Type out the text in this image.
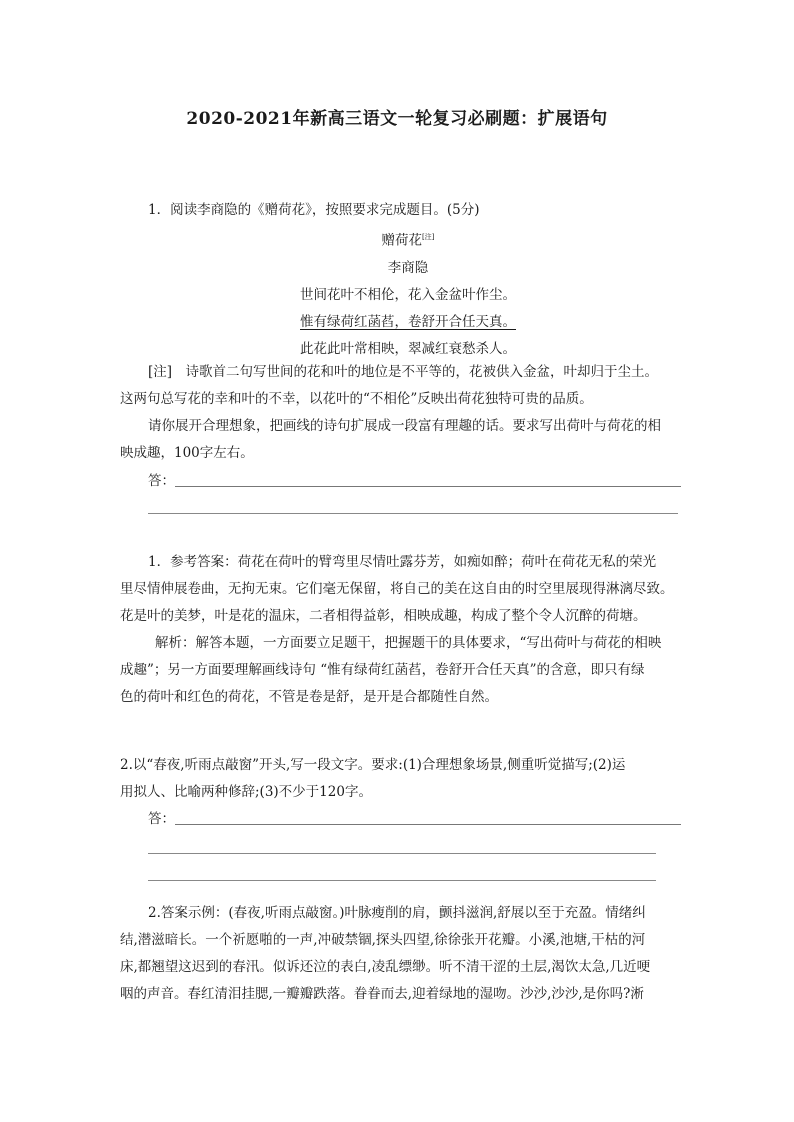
2020-2021年新高三语文一轮复习必刷题：扩展语句
1．阅读李商隐的《赠荷花》，按照要求完成题目。(5分)
赠荷花[注]
李商隐
世间花叶不相伦，花入金盆叶作尘。
惟有绿荷红菡萏，卷舒开合任天真。
此花此叶常相映，翠减红衰愁杀人。
[注]　诗歌首二句写世间的花和叶的地位是不平等的，花被供入金盆，叶却归于尘土。
这两句总写花的幸和叶的不幸，以花叶的“不相伦”反映出荷花独特可贵的品质。
请你展开合理想象，把画线的诗句扩展成一段富有理趣的话。要求写出荷叶与荷花的相
映成趣，100字左右。
答：
1．参考答案：荷花在荷叶的臂弯里尽情吐露芬芳，如痴如醉；荷叶在荷花无私的荣光
里尽情伸展卷曲，无拘无束。它们毫无保留，将自己的美在这自由的时空里展现得淋漓尽致。
花是叶的美梦，叶是花的温床，二者相得益彰，相映成趣，构成了整个令人沉醉的荷塘。
解析：解答本题，一方面要立足题干，把握题干的具体要求，“写出荷叶与荷花的相映
成趣”；另一方面要理解画线诗句 “惟有绿荷红菡萏，卷舒开合任天真”的含意，即只有绿
色的荷叶和红色的荷花，不管是卷是舒，是开是合都随性自然。
2.以“春夜,听雨点敲窗”开头,写一段文字。要求:(1)合理想象场景,侧重听觉描写;(2)运
用拟人、比喻两种修辞;(3)不少于120字。
答：
2.答案示例：(春夜,听雨点敲窗。)叶脉瘦削的肩，颤抖滋润,舒展以至于充盈。情绪纠
结,潜滋暗长。一个祈愿啪的一声,冲破禁锢,探头四望,徐徐张开花瓣。小溪,池塘,干枯的河
床,都翘望这迟到的春汛。似诉还泣的表白,凌乱缥缈。听不清干涩的土层,渴饮太急,几近哽
咽的声音。春红清泪挂腮,一瓣瓣跌落。眷眷而去,迎着绿地的湿吻。沙沙,沙沙,是你吗?淅
